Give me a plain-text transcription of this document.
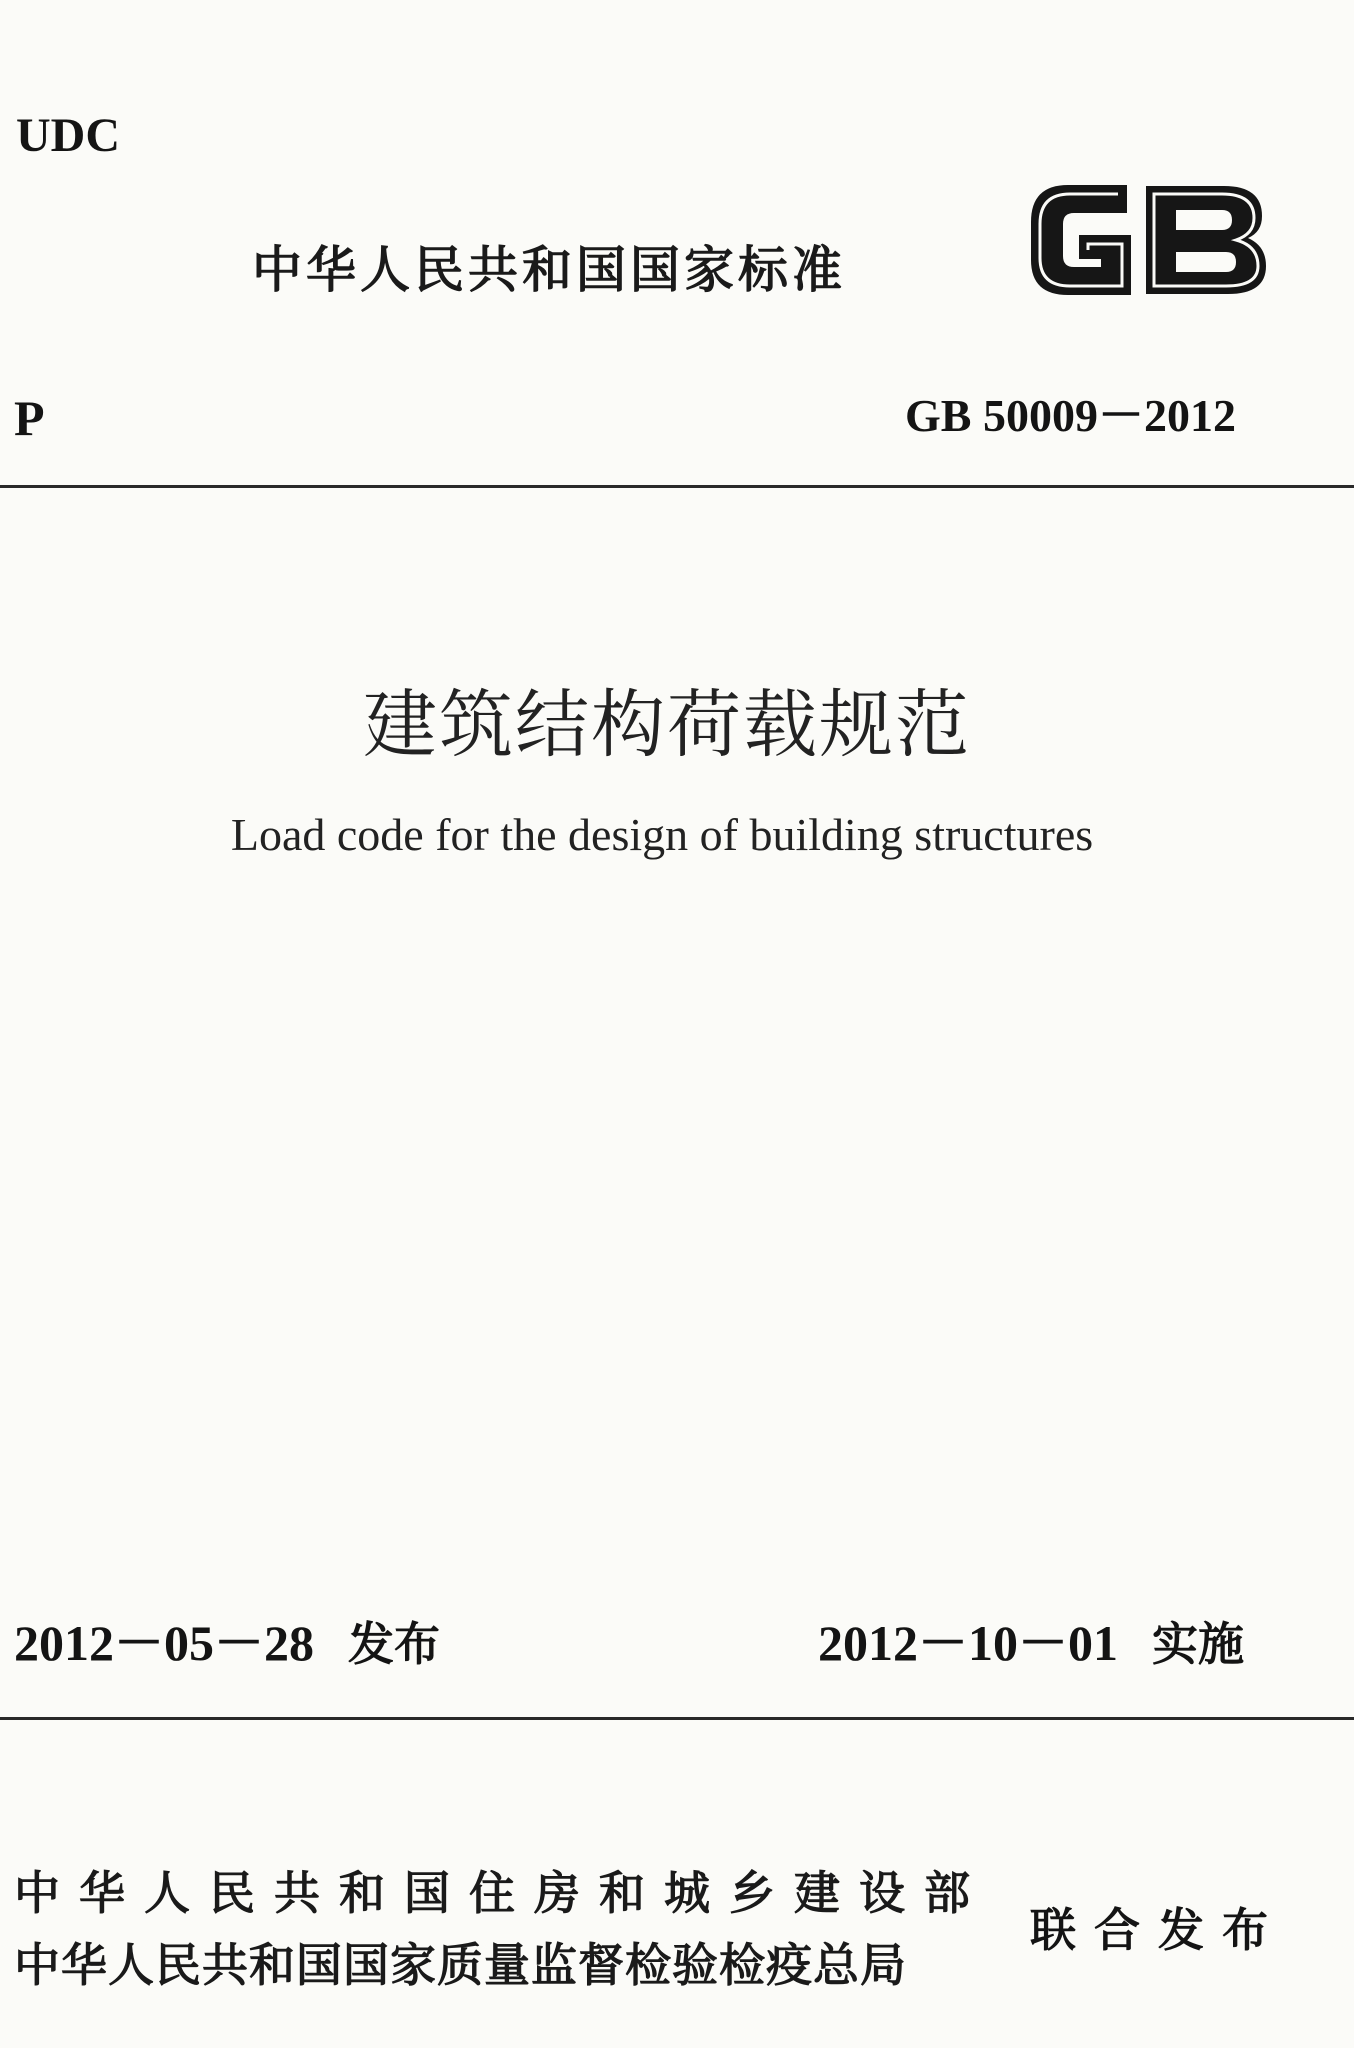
UDC
中华人民共和国国家标准
P	GB 50009－2012
建筑结构荷载规范
Load code for the design of building structures
2012－05－28 发布	2012－10－01 实施
中华人民共和国住房和城乡建设部
中华人民共和国国家质量监督检验检疫总局
联合发布
